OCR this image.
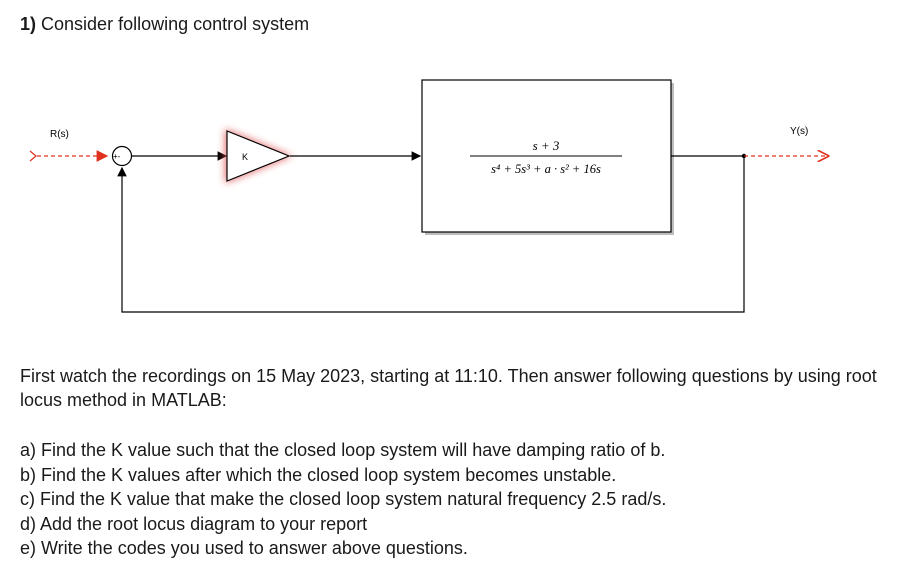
1) Consider following control system
R(s)
+-	K
s + 3
s⁴ + 5s³ + a · s² + 16s
Y(s)
First watch the recordings on 15 May 2023, starting at 11:10. Then answer following questions by using root locus method in MATLAB:
a) Find the K value such that the closed loop system will have damping ratio of b.
b) Find the K values after which the closed loop system becomes unstable.
c) Find the K value that make the closed loop system natural frequency 2.5 rad/s.
d) Add the root locus diagram to your report
e) Write the codes you used to answer above questions.
